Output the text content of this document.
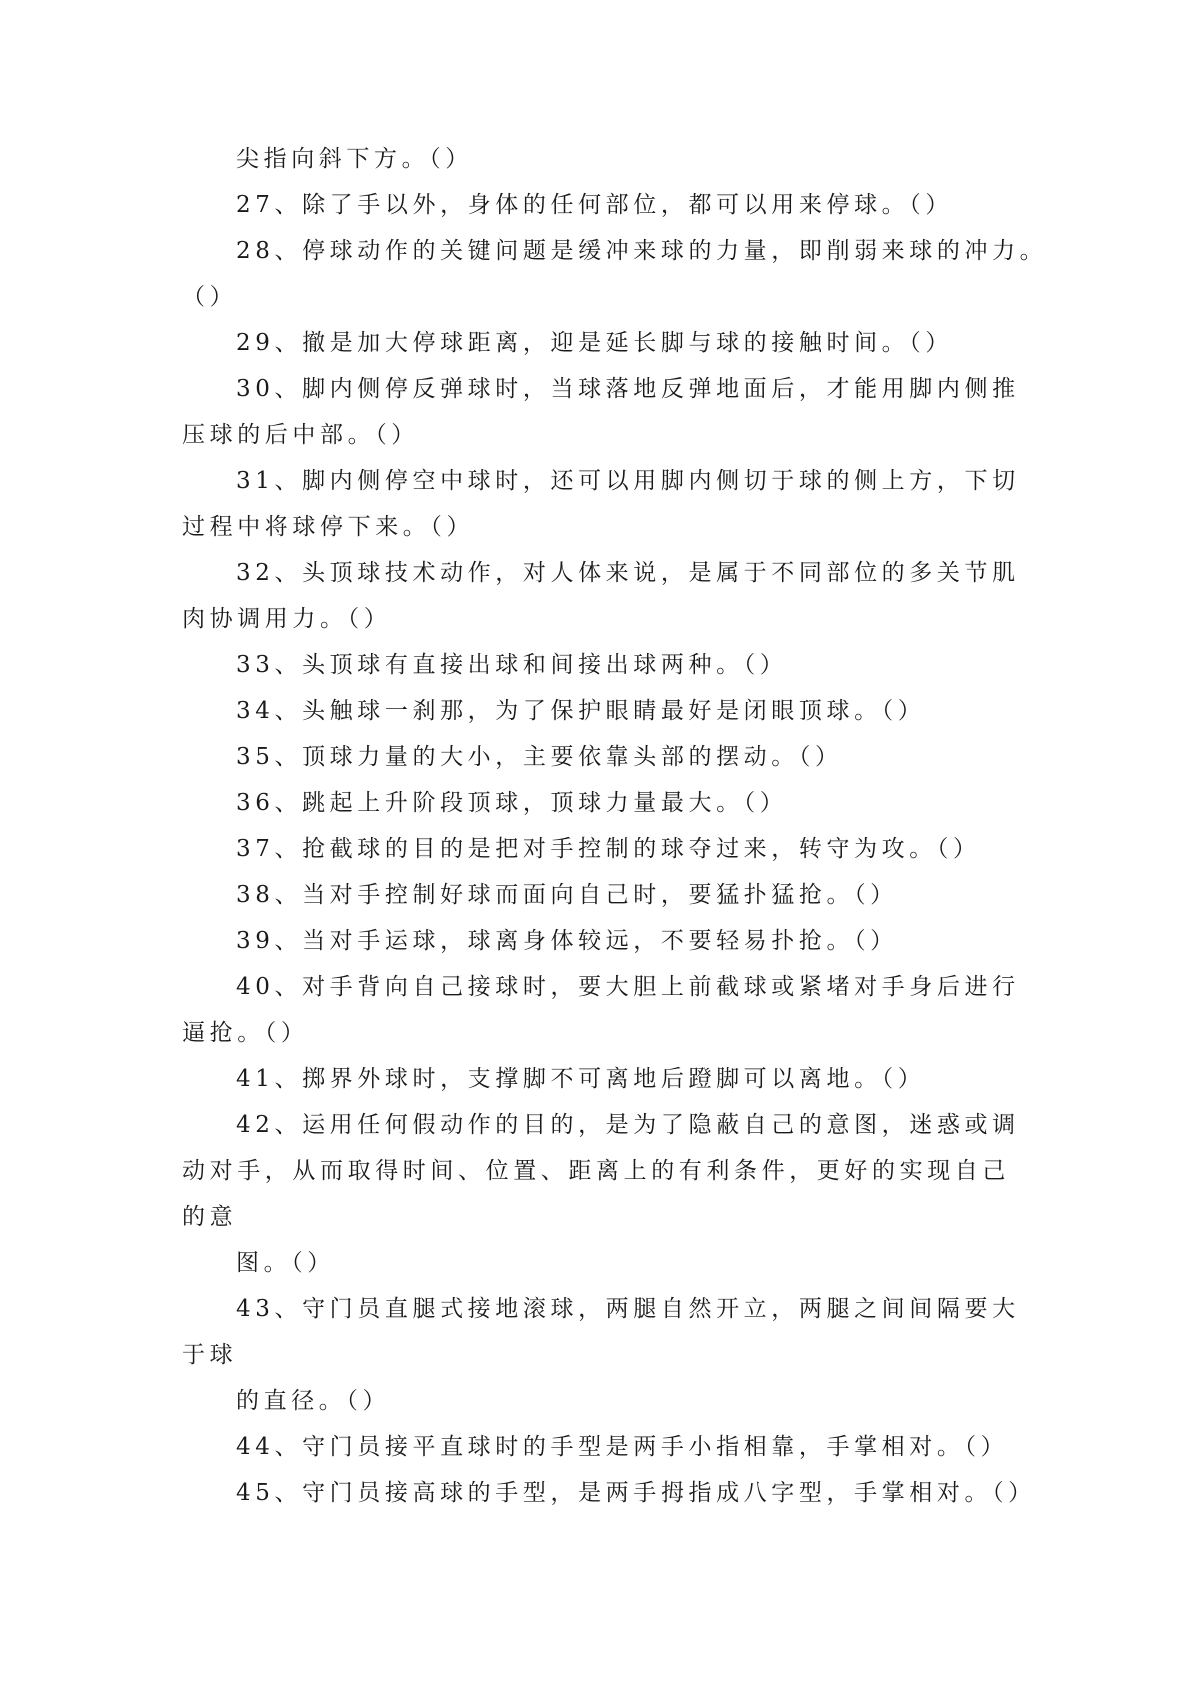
尖指向斜下方。（）
27、除了手以外，身体的任何部位，都可以用来停球。（）
28、停球动作的关键问题是缓冲来球的力量，即削弱来球的冲力。
（）
29、撤是加大停球距离，迎是延长脚与球的接触时间。（）
30、脚内侧停反弹球时，当球落地反弹地面后，才能用脚内侧推
压球的后中部。（）
31、脚内侧停空中球时，还可以用脚内侧切于球的侧上方，下切
过程中将球停下来。（）
32、头顶球技术动作，对人体来说，是属于不同部位的多关节肌
肉协调用力。（）
33、头顶球有直接出球和间接出球两种。（）
34、头触球一刹那，为了保护眼睛最好是闭眼顶球。（）
35、顶球力量的大小，主要依靠头部的摆动。（）
36、跳起上升阶段顶球，顶球力量最大。（）
37、抢截球的目的是把对手控制的球夺过来，转守为攻。（）
38、当对手控制好球而面向自己时，要猛扑猛抢。（）
39、当对手运球，球离身体较远，不要轻易扑抢。（）
40、对手背向自己接球时，要大胆上前截球或紧堵对手身后进行
逼抢。（）
41、掷界外球时，支撑脚不可离地后蹬脚可以离地。（）
42、运用任何假动作的目的，是为了隐蔽自己的意图，迷惑或调
动对手，从而取得时间、位置、距离上的有利条件，更好的实现自己
的意
图。（）
43、守门员直腿式接地滚球，两腿自然开立，两腿之间间隔要大
于球
的直径。（）
44、守门员接平直球时的手型是两手小指相靠，手掌相对。（）
45、守门员接高球的手型，是两手拇指成八字型，手掌相对。（）
